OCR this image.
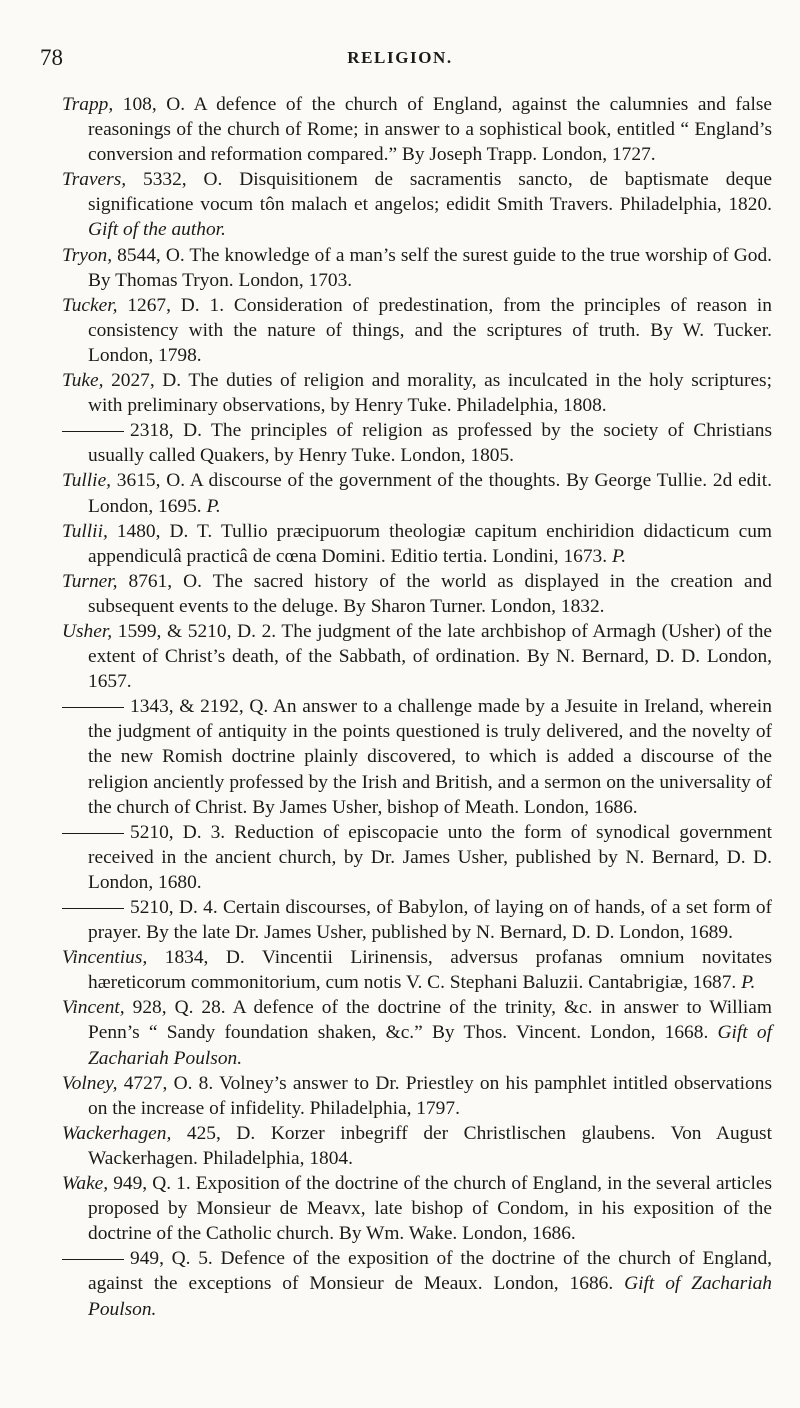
78	RELIGION.

Trapp, 108, O. A defence of the church of England, against the calumnies and false reasonings of the church of Rome; in answer to a sophistical book, entitled “ England’s conversion and reformation compared.” By Joseph Trapp. London, 1727.

Travers, 5332, O. Disquisitionem de sacramentis sancto, de baptismate deque significatione vocum tôn malach et angelos; edidit Smith Travers. Philadelphia, 1820. Gift of the author.

Tryon, 8544, O. The knowledge of a man’s self the surest guide to the true worship of God. By Thomas Tryon. London, 1703.

Tucker, 1267, D. 1. Consideration of predestination, from the principles of reason in consistency with the nature of things, and the scriptures of truth. By W. Tucker. London, 1798.

Tuke, 2027, D. The duties of religion and morality, as inculcated in the holy scriptures; with preliminary observations, by Henry Tuke. Philadelphia, 1808.

2318, D. The principles of religion as professed by the society of Christians usually called Quakers, by Henry Tuke. London, 1805.

Tullie, 3615, O. A discourse of the government of the thoughts. By George Tullie. 2d edit. London, 1695. P.

Tullii, 1480, D. T. Tullio præcipuorum theologiæ capitum enchiridion didacticum cum appendiculâ practicâ de cœna Domini. Editio tertia. Londini, 1673. P.

Turner, 8761, O. The sacred history of the world as displayed in the creation and subsequent events to the deluge. By Sharon Turner. London, 1832.

Usher, 1599, & 5210, D. 2. The judgment of the late archbishop of Armagh (Usher) of the extent of Christ’s death, of the Sabbath, of ordination. By N. Bernard, D. D. London, 1657.

1343, & 2192, Q. An answer to a challenge made by a Jesuite in Ireland, wherein the judgment of antiquity in the points questioned is truly delivered, and the novelty of the new Romish doctrine plainly discovered, to which is added a discourse of the religion anciently professed by the Irish and British, and a sermon on the universality of the church of Christ. By James Usher, bishop of Meath. London, 1686.

5210, D. 3. Reduction of episcopacie unto the form of synodical government received in the ancient church, by Dr. James Usher, published by N. Bernard, D. D. London, 1680.

5210, D. 4. Certain discourses, of Babylon, of laying on of hands, of a set form of prayer. By the late Dr. James Usher, published by N. Bernard, D. D. London, 1689.

Vincentius, 1834, D. Vincentii Lirinensis, adversus profanas omnium novitates hæreticorum commonitorium, cum notis V. C. Stephani Baluzii. Cantabrigiæ, 1687. P.

Vincent, 928, Q. 28. A defence of the doctrine of the trinity, &c. in answer to William Penn’s “ Sandy foundation shaken, &c.” By Thos. Vincent. London, 1668. Gift of Zachariah Poulson.

Volney, 4727, O. 8. Volney’s answer to Dr. Priestley on his pamphlet intitled observations on the increase of infidelity. Philadelphia, 1797.

Wackerhagen, 425, D. Korzer inbegriff der Christlischen glaubens. Von August Wackerhagen. Philadelphia, 1804.

Wake, 949, Q. 1. Exposition of the doctrine of the church of England, in the several articles proposed by Monsieur de Meavx, late bishop of Condom, in his exposition of the doctrine of the Catholic church. By Wm. Wake. London, 1686.

949, Q. 5. Defence of the exposition of the doctrine of the church of England, against the exceptions of Monsieur de Meaux. London, 1686. Gift of Zachariah Poulson.
